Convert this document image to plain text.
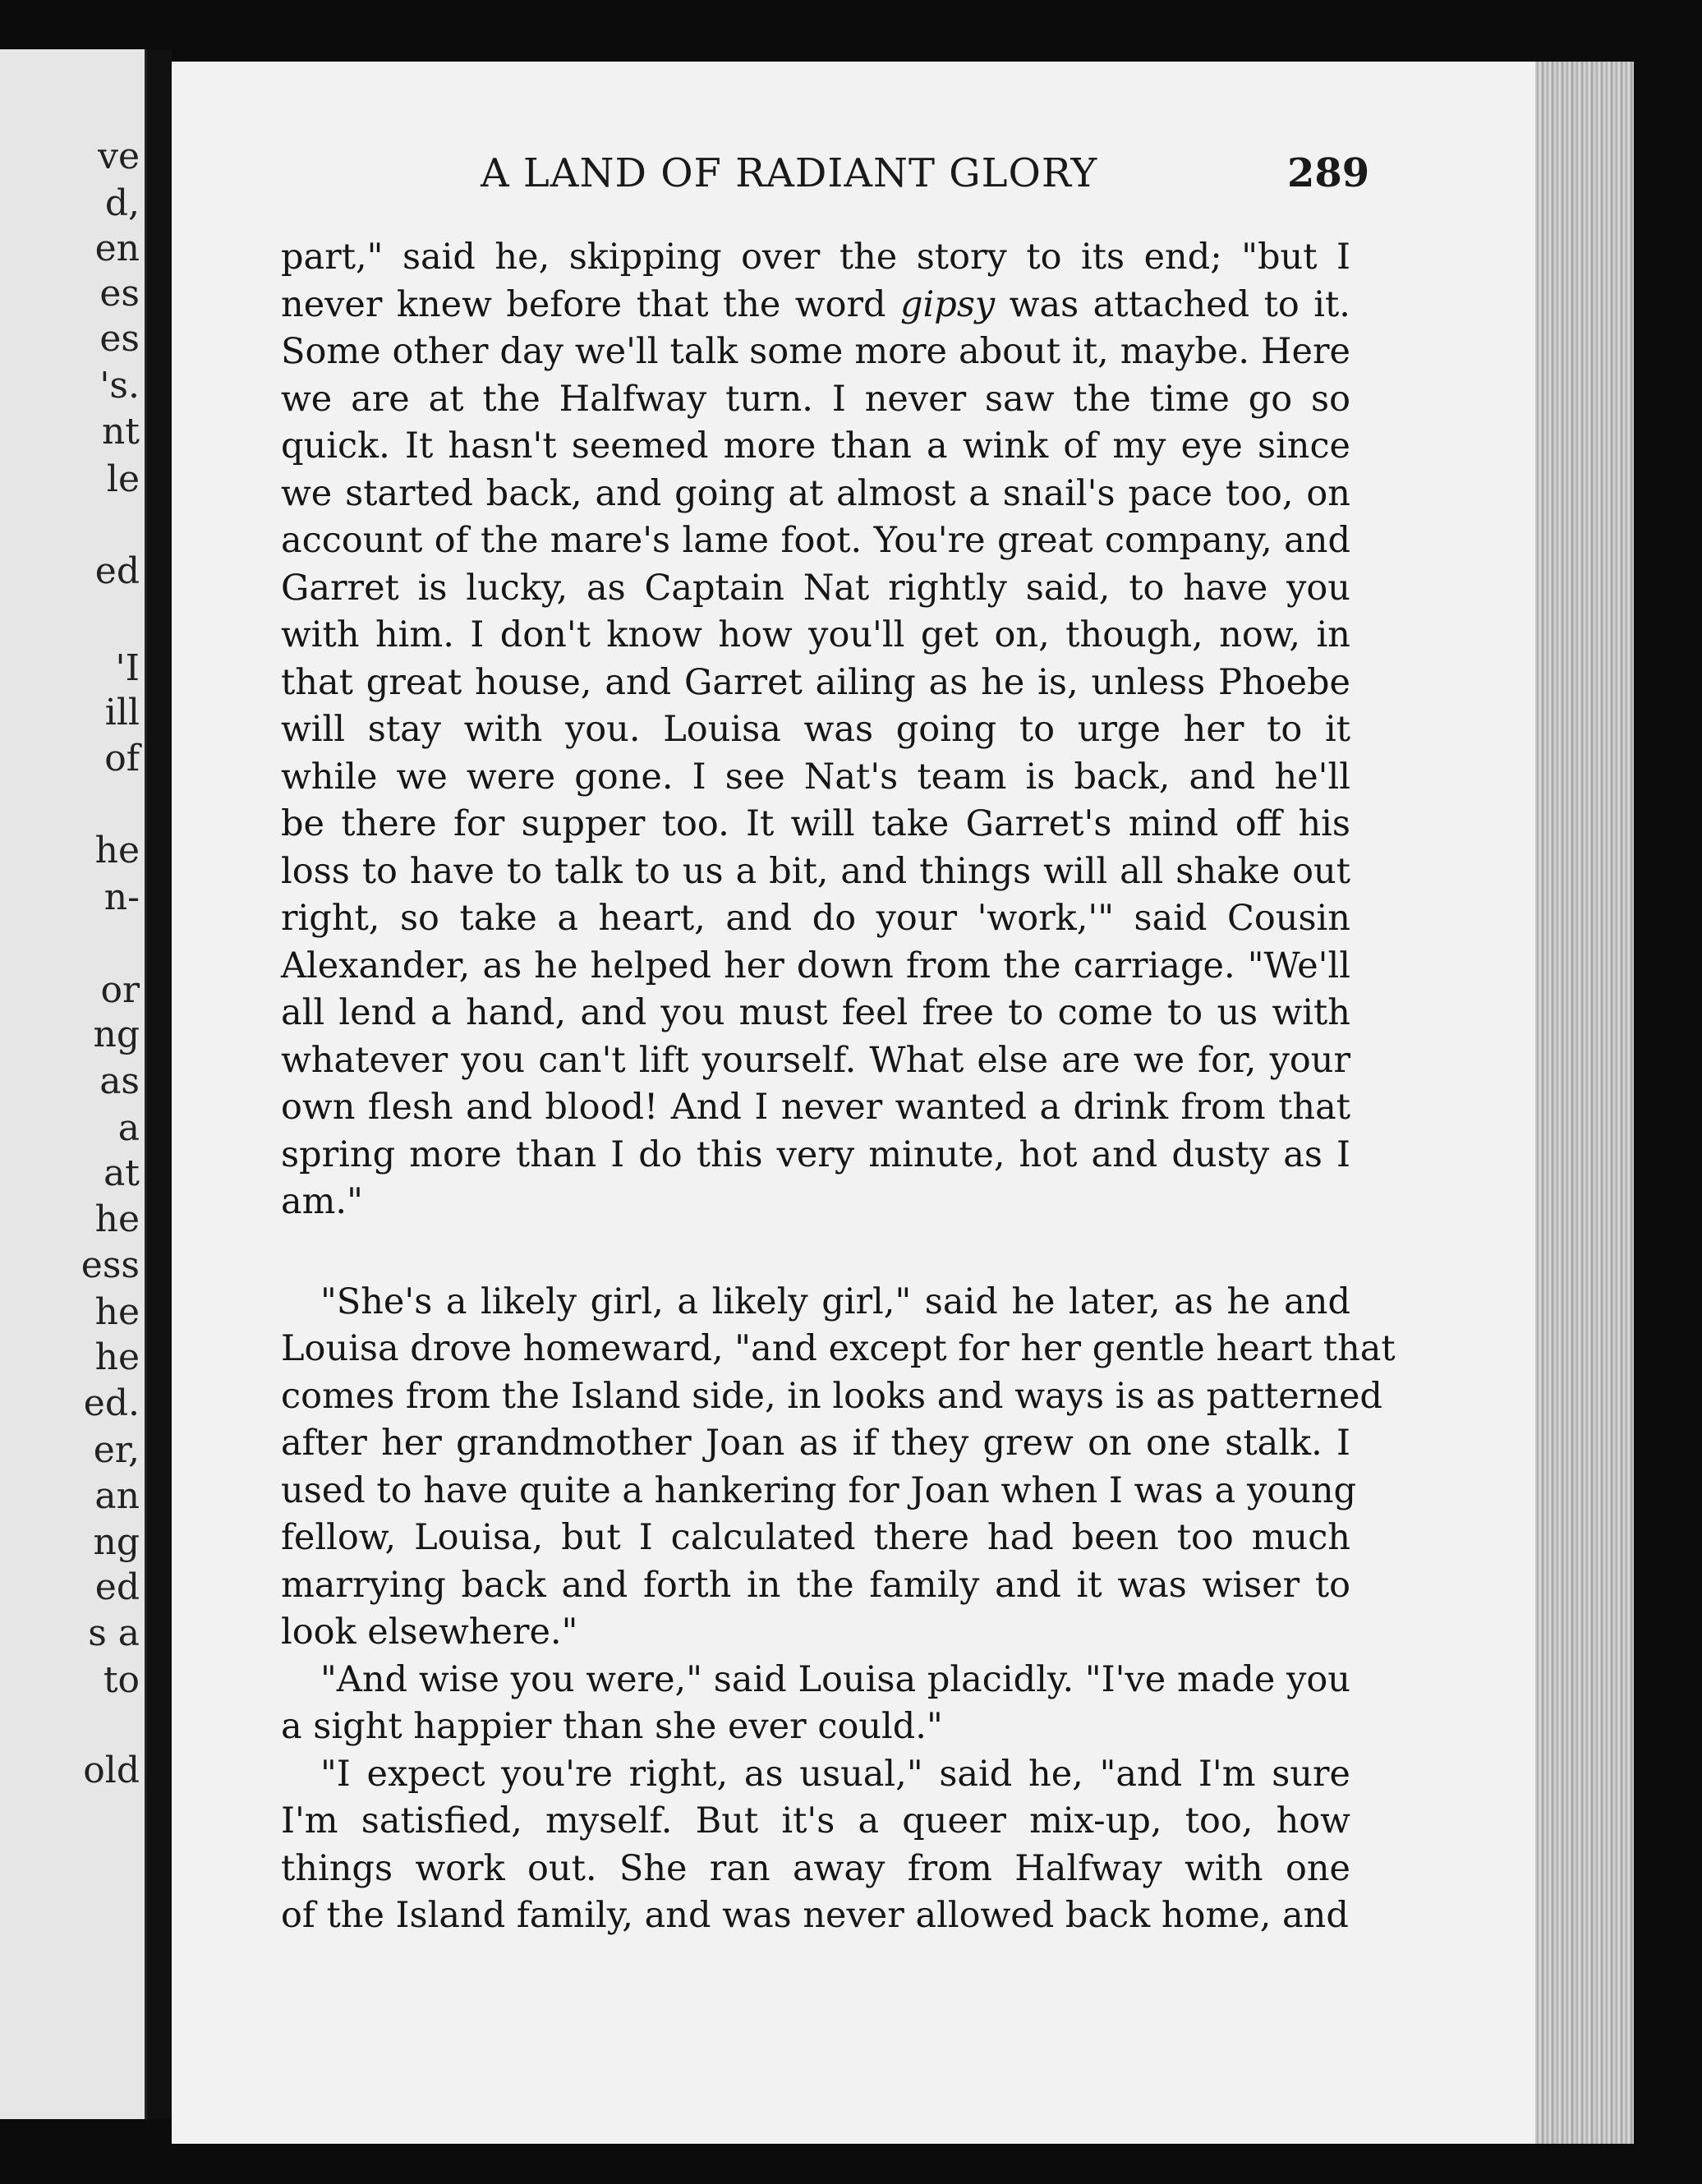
ve
d,
en
es
es
's.
nt
le
ed
'I
ill
of
he
n-
or
ng
as
a
at
he
ess
he
he
ed.
er,
an
ng
ed
s a
to
old
A LAND OF RADIANT GLORY	289
part," said he, skipping over the story to its end; "but I
never knew before that the word gipsy was attached to it.
Some other day we'll talk some more about it, maybe. Here
we are at the Halfway turn. I never saw the time go so
quick. It hasn't seemed more than a wink of my eye since
we started back, and going at almost a snail's pace too, on
account of the mare's lame foot. You're great company, and
Garret is lucky, as Captain Nat rightly said, to have you
with him. I don't know how you'll get on, though, now, in
that great house, and Garret ailing as he is, unless Phoebe
will stay with you. Louisa was going to urge her to it
while we were gone. I see Nat's team is back, and he'll
be there for supper too. It will take Garret's mind off his
loss to have to talk to us a bit, and things will all shake out
right, so take a heart, and do your 'work,'" said Cousin
Alexander, as he helped her down from the carriage. "We'll
all lend a hand, and you must feel free to come to us with
whatever you can't lift yourself. What else are we for, your
own flesh and blood! And I never wanted a drink from that
spring more than I do this very minute, hot and dusty as I
am."
"She's a likely girl, a likely girl," said he later, as he and
Louisa drove homeward, "and except for her gentle heart that
comes from the Island side, in looks and ways is as patterned
after her grandmother Joan as if they grew on one stalk. I
used to have quite a hankering for Joan when I was a young
fellow, Louisa, but I calculated there had been too much
marrying back and forth in the family and it was wiser to
look elsewhere."
"And wise you were," said Louisa placidly. "I've made you
a sight happier than she ever could."
"I expect you're right, as usual," said he, "and I'm sure
I'm satisfied, myself. But it's a queer mix-up, too, how
things work out. She ran away from Halfway with one
of the Island family, and was never allowed back home, and
